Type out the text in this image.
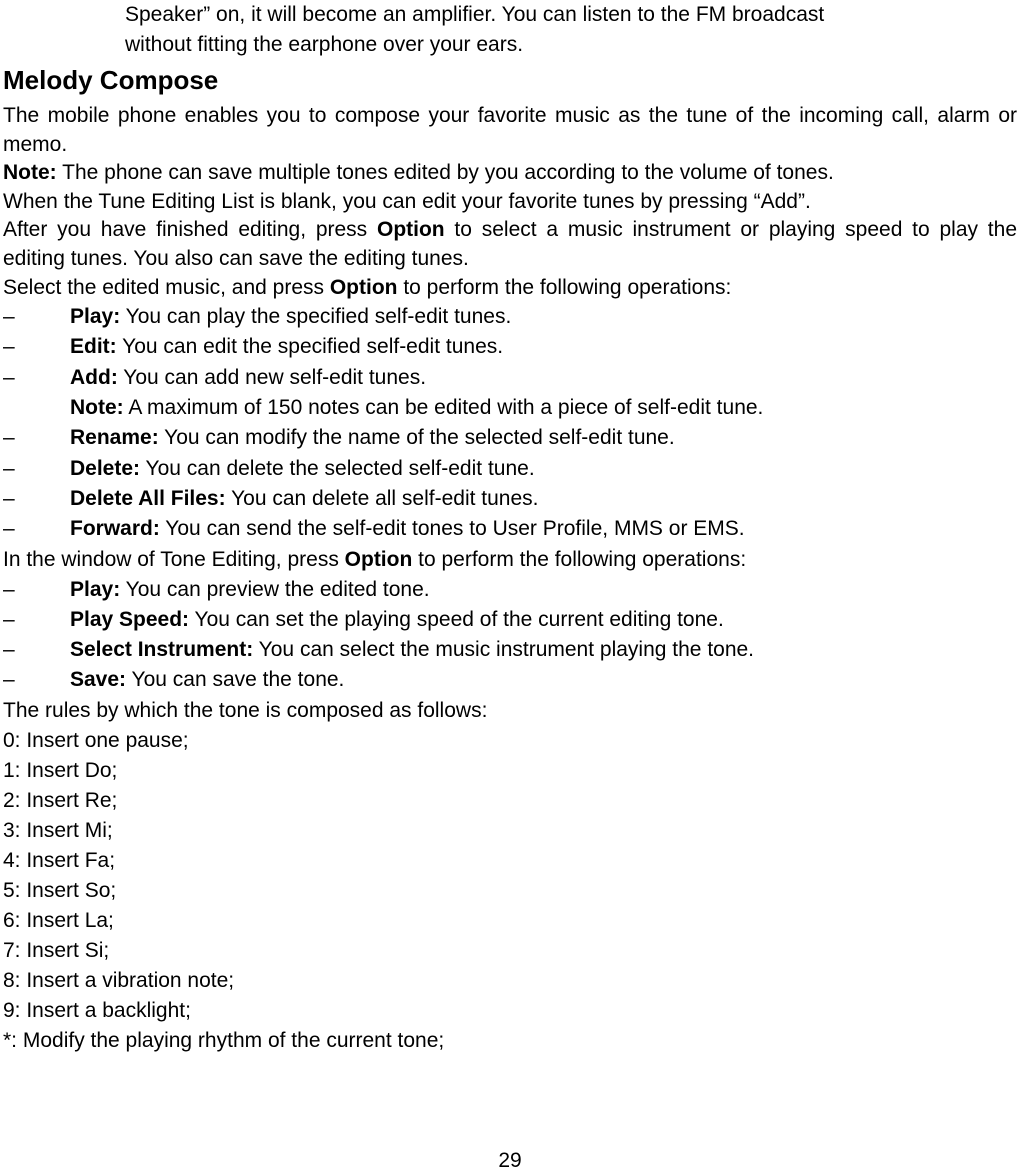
Speaker” on, it will become an amplifier. You can listen to the FM broadcast
without fitting the earphone over your ears.
Melody Compose

The mobile phone enables you to compose your favorite music as the tune of the incoming call, alarm or memo.

Note: The phone can save multiple tones edited by you according to the volume of tones.

When the Tune Editing List is blank, you can edit your favorite tunes by pressing “Add”.

After you have finished editing, press Option to select a music instrument or playing speed to play the editing tunes. You also can save the editing tunes.

Select the edited music, and press Option to perform the following operations:

–	Play: You can play the specified self-edit tunes.
–	Edit: You can edit the specified self-edit tunes.
–	Add: You can add new self-edit tunes.
Note: A maximum of 150 notes can be edited with a piece of self-edit tune.
–	Rename: You can modify the name of the selected self-edit tune.
–	Delete: You can delete the selected self-edit tune.
–	Delete All Files: You can delete all self-edit tunes.
–	Forward: You can send the self-edit tones to User Profile, MMS or EMS.

In the window of Tone Editing, press Option to perform the following operations:

–	Play: You can preview the edited tone.
–	Play Speed: You can set the playing speed of the current editing tone.
–	Select Instrument: You can select the music instrument playing the tone.
–	Save: You can save the tone.

The rules by which the tone is composed as follows:

0: Insert one pause;

1: Insert Do;

2: Insert Re;

3: Insert Mi;

4: Insert Fa;

5: Insert So;

6: Insert La;

7: Insert Si;

8: Insert a vibration note;

9: Insert a backlight;

*: Modify the playing rhythm of the current tone;

29
